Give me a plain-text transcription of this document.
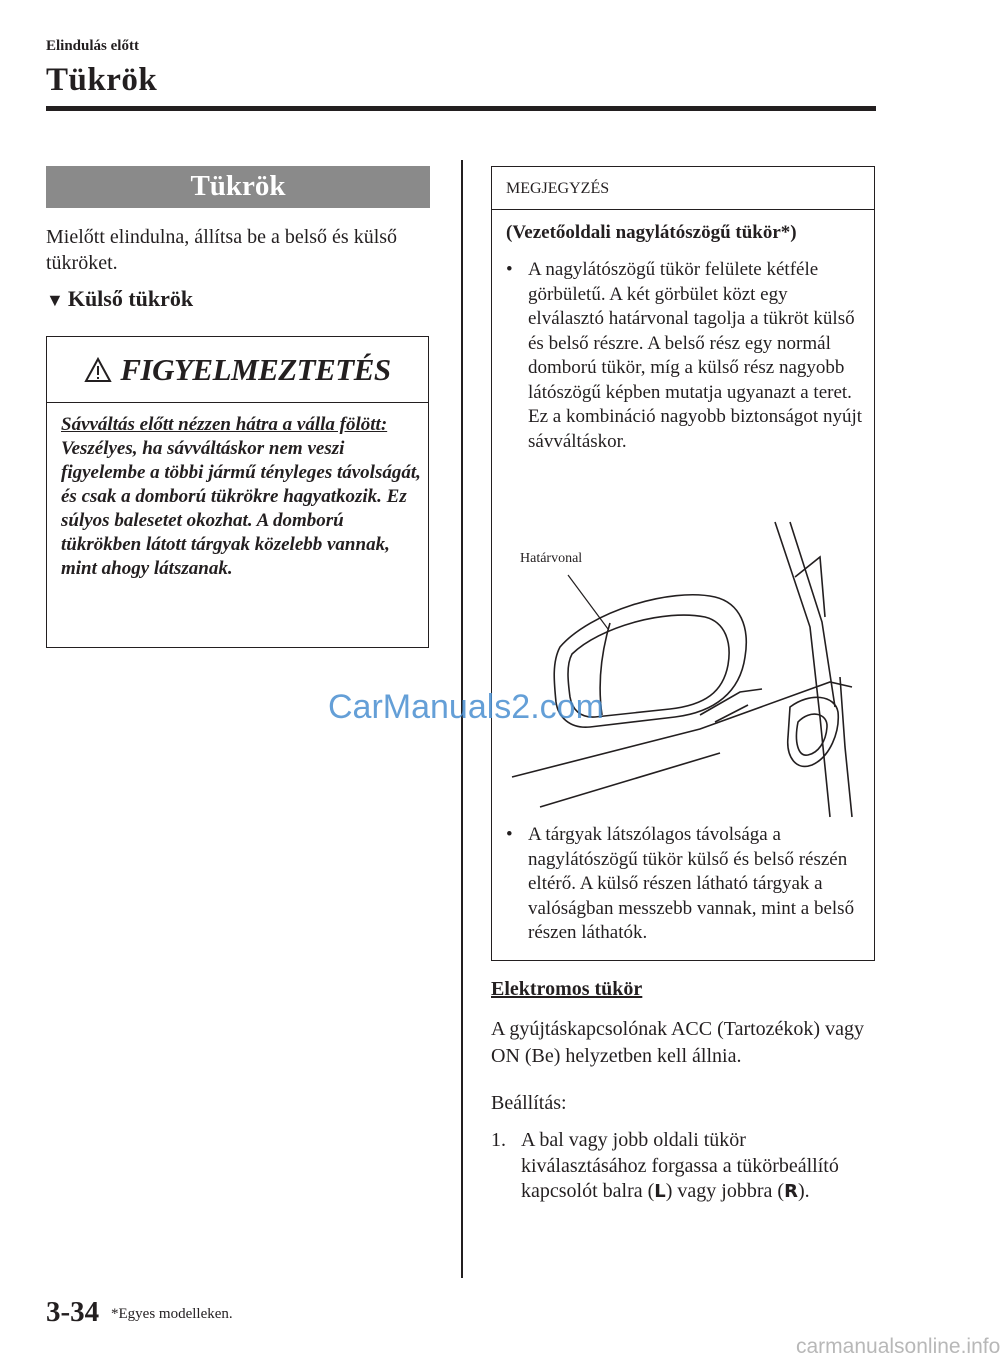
Elindulás előtt
Tükrök
Tükrök
Mielőtt elindulna, állítsa be a belső és külső tükröket.
▼ Külső tükrök
FIGYELMEZTETÉS
Sávváltás előtt nézzen hátra a válla fölött:
Veszélyes, ha sávváltáskor nem veszi figyelembe a többi jármű tényleges távolságát, és csak a domború tükrökre hagyatkozik. Ez súlyos balesetet okozhat. A domború tükrökben látott tárgyak közelebb vannak, mint ahogy látszanak.
MEGJEGYZÉS
(Vezetőoldali nagylátószögű tükör*)
• A nagylátószögű tükör felülete kétféle görbületű. A két görbület közt egy elválasztó határvonal tagolja a tükröt külső és belső részre. A belső rész egy normál domború tükör, míg a külső rész nagyobb látószögű képben mutatja ugyanazt a teret. Ez a kombináció nagyobb biztonságot nyújt sávváltáskor.
Határvonal
• A tárgyak látszólagos távolsága a nagylátószögű tükör külső és belső részén eltérő. A külső részen látható tárgyak a valóságban messzebb vannak, mint a belső részen láthatók.
Elektromos tükör
A gyújtáskapcsolónak ACC (Tartozékok) vagy ON (Be) helyzetben kell állnia.
Beállítás:
1. A bal vagy jobb oldali tükör kiválasztásához forgassa a tükörbeállító kapcsolót balra (L) vagy jobbra (R).
3-34 *Egyes modelleken.
CarManuals2.com
carmanualsonline.info
